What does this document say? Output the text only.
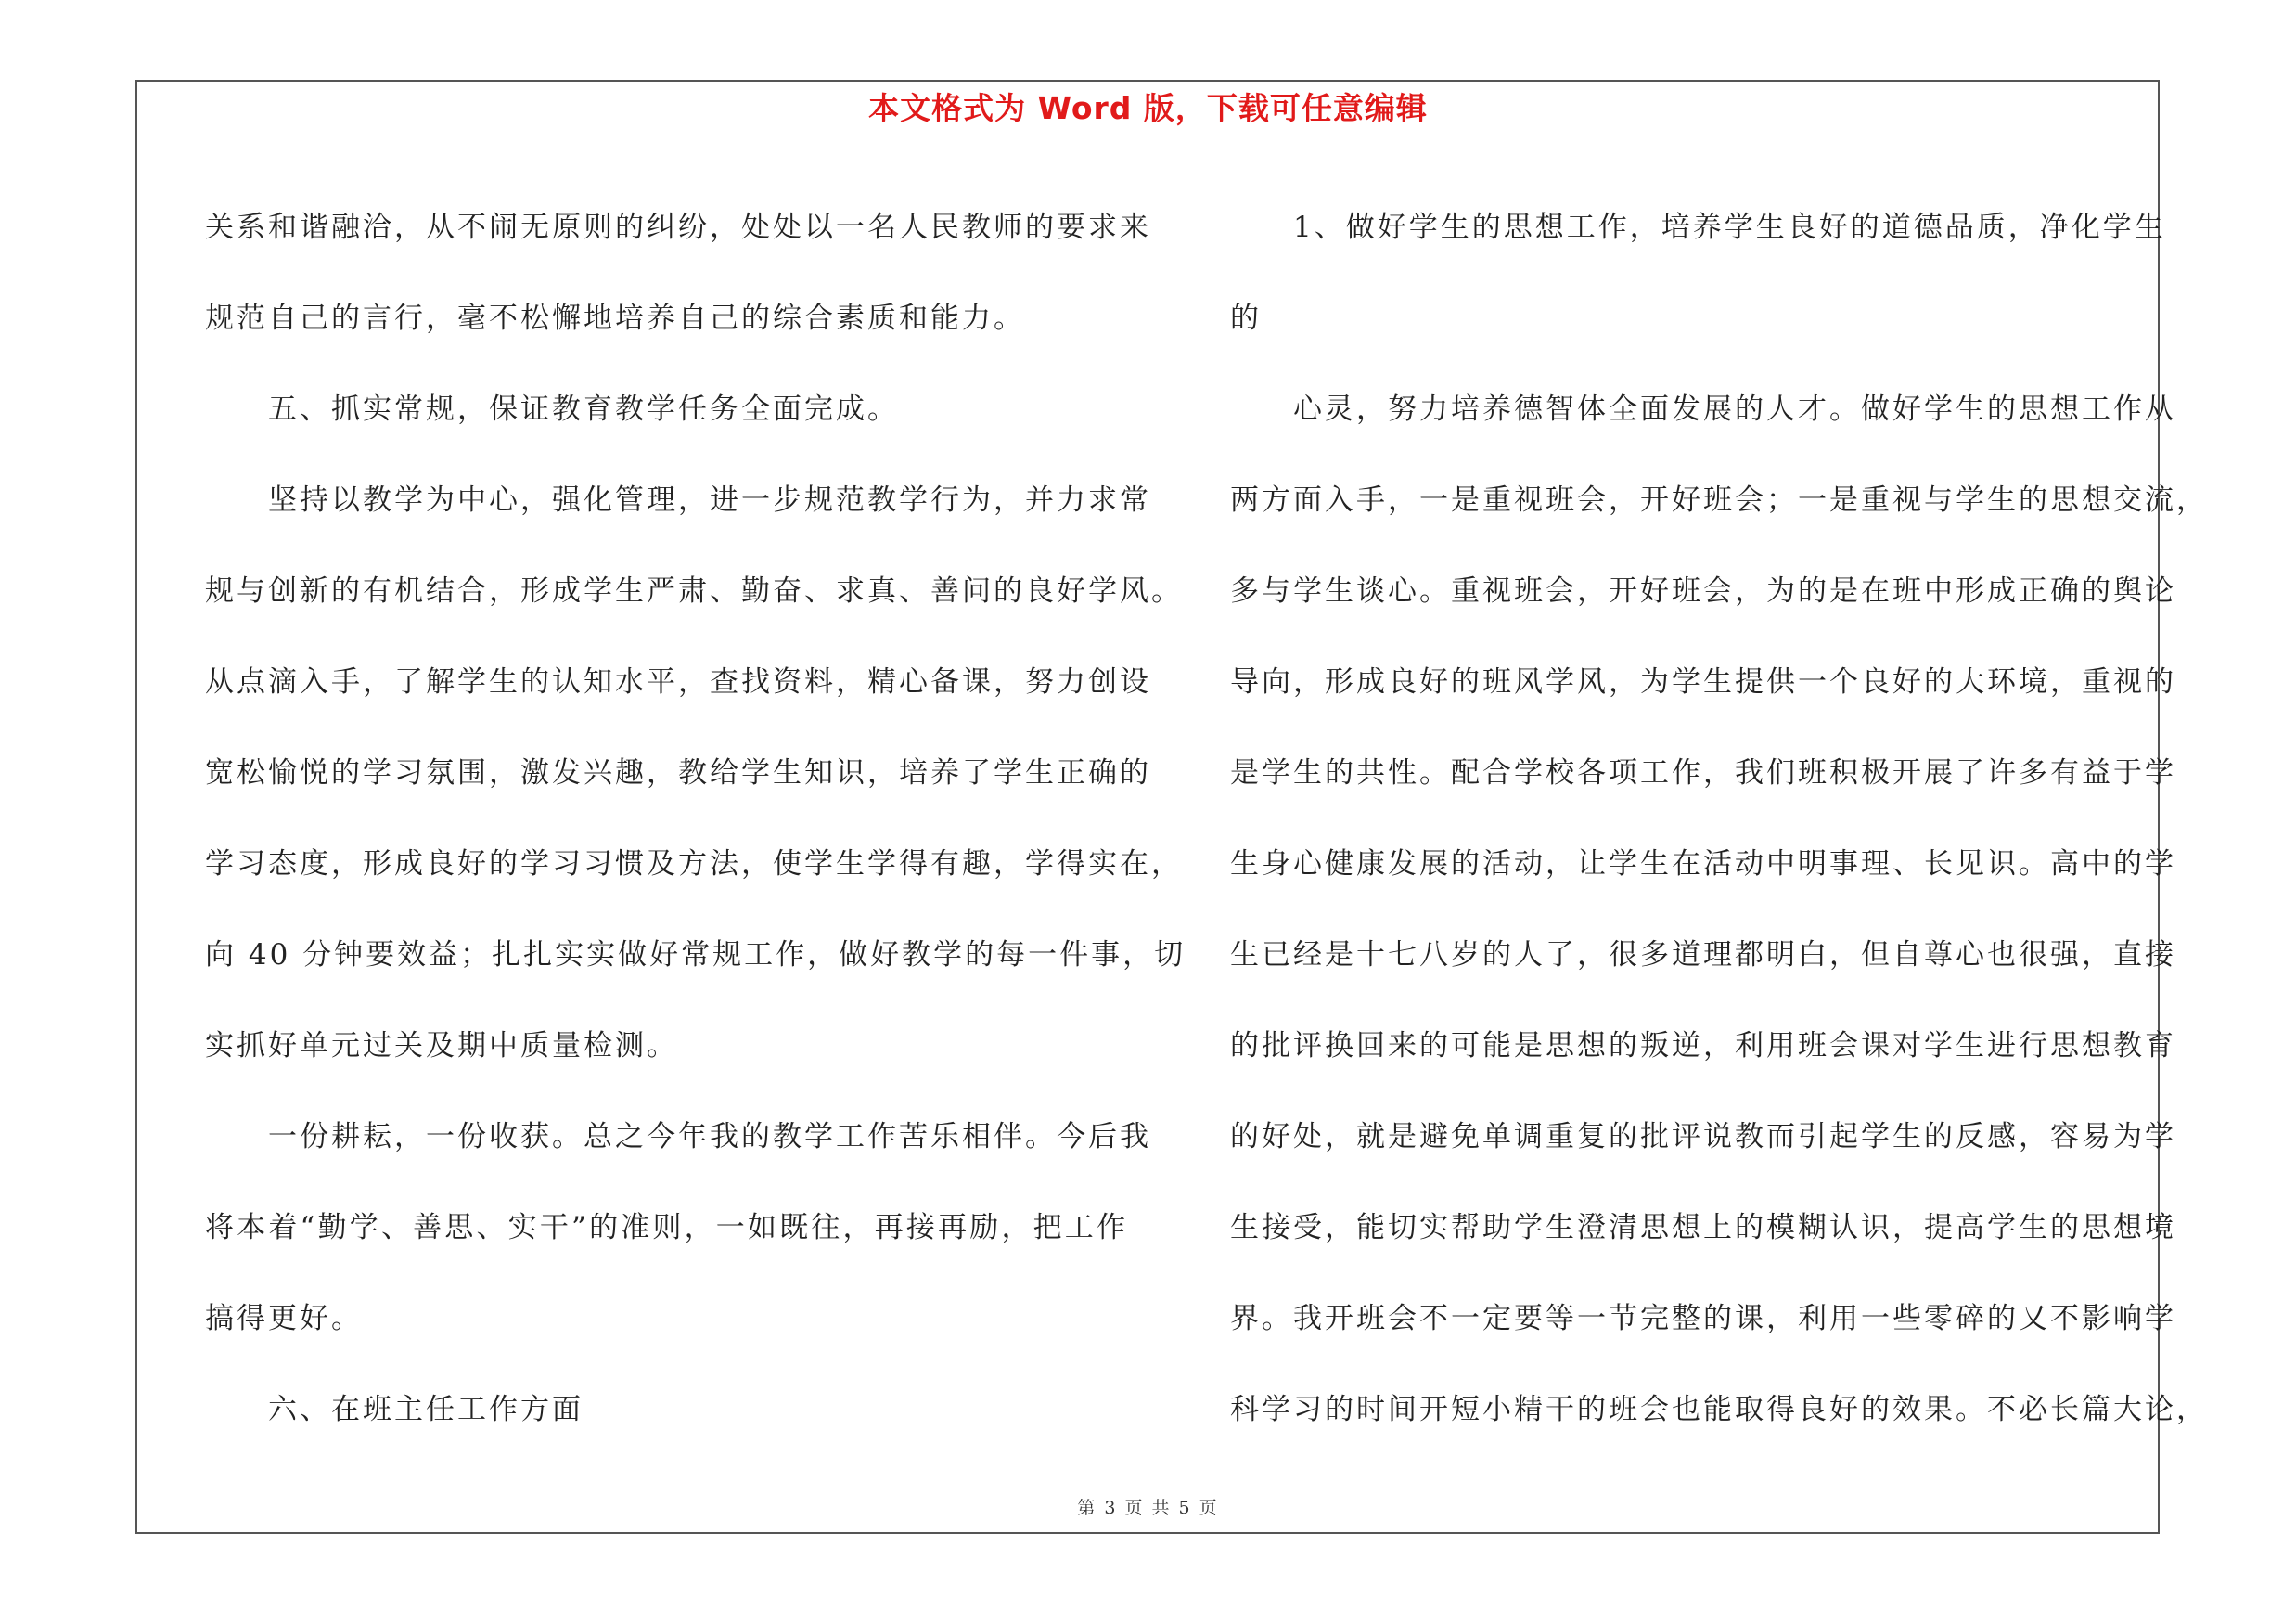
本文格式为 Word 版，下载可任意编辑
关系和谐融洽，从不闹无原则的纠纷，处处以一名人民教师的要求来
规范自己的言行，毫不松懈地培养自己的综合素质和能力。
五、抓实常规，保证教育教学任务全面完成。
坚持以教学为中心，强化管理，进一步规范教学行为，并力求常
规与创新的有机结合，形成学生严肃、勤奋、求真、善问的良好学风。
从点滴入手，了解学生的认知水平，查找资料，精心备课，努力创设
宽松愉悦的学习氛围，激发兴趣，教给学生知识，培养了学生正确的
学习态度，形成良好的学习习惯及方法，使学生学得有趣，学得实在，
向 40 分钟要效益；扎扎实实做好常规工作，做好教学的每一件事，切
实抓好单元过关及期中质量检测。
一份耕耘，一份收获。总之今年我的教学工作苦乐相伴。今后我
将本着“勤学、善思、实干”的准则，一如既往，再接再励，把工作
搞得更好。
六、在班主任工作方面
1、做好学生的思想工作，培养学生良好的道德品质，净化学生
的
心灵，努力培养德智体全面发展的人才。做好学生的思想工作从
两方面入手，一是重视班会，开好班会；一是重视与学生的思想交流，
多与学生谈心。重视班会，开好班会，为的是在班中形成正确的舆论
导向，形成良好的班风学风，为学生提供一个良好的大环境，重视的
是学生的共性。配合学校各项工作，我们班积极开展了许多有益于学
生身心健康发展的活动，让学生在活动中明事理、长见识。高中的学
生已经是十七八岁的人了，很多道理都明白，但自尊心也很强，直接
的批评换回来的可能是思想的叛逆，利用班会课对学生进行思想教育
的好处，就是避免单调重复的批评说教而引起学生的反感，容易为学
生接受，能切实帮助学生澄清思想上的模糊认识，提高学生的思想境
界。我开班会不一定要等一节完整的课，利用一些零碎的又不影响学
科学习的时间开短小精干的班会也能取得良好的效果。不必长篇大论，
第 3 页 共 5 页
